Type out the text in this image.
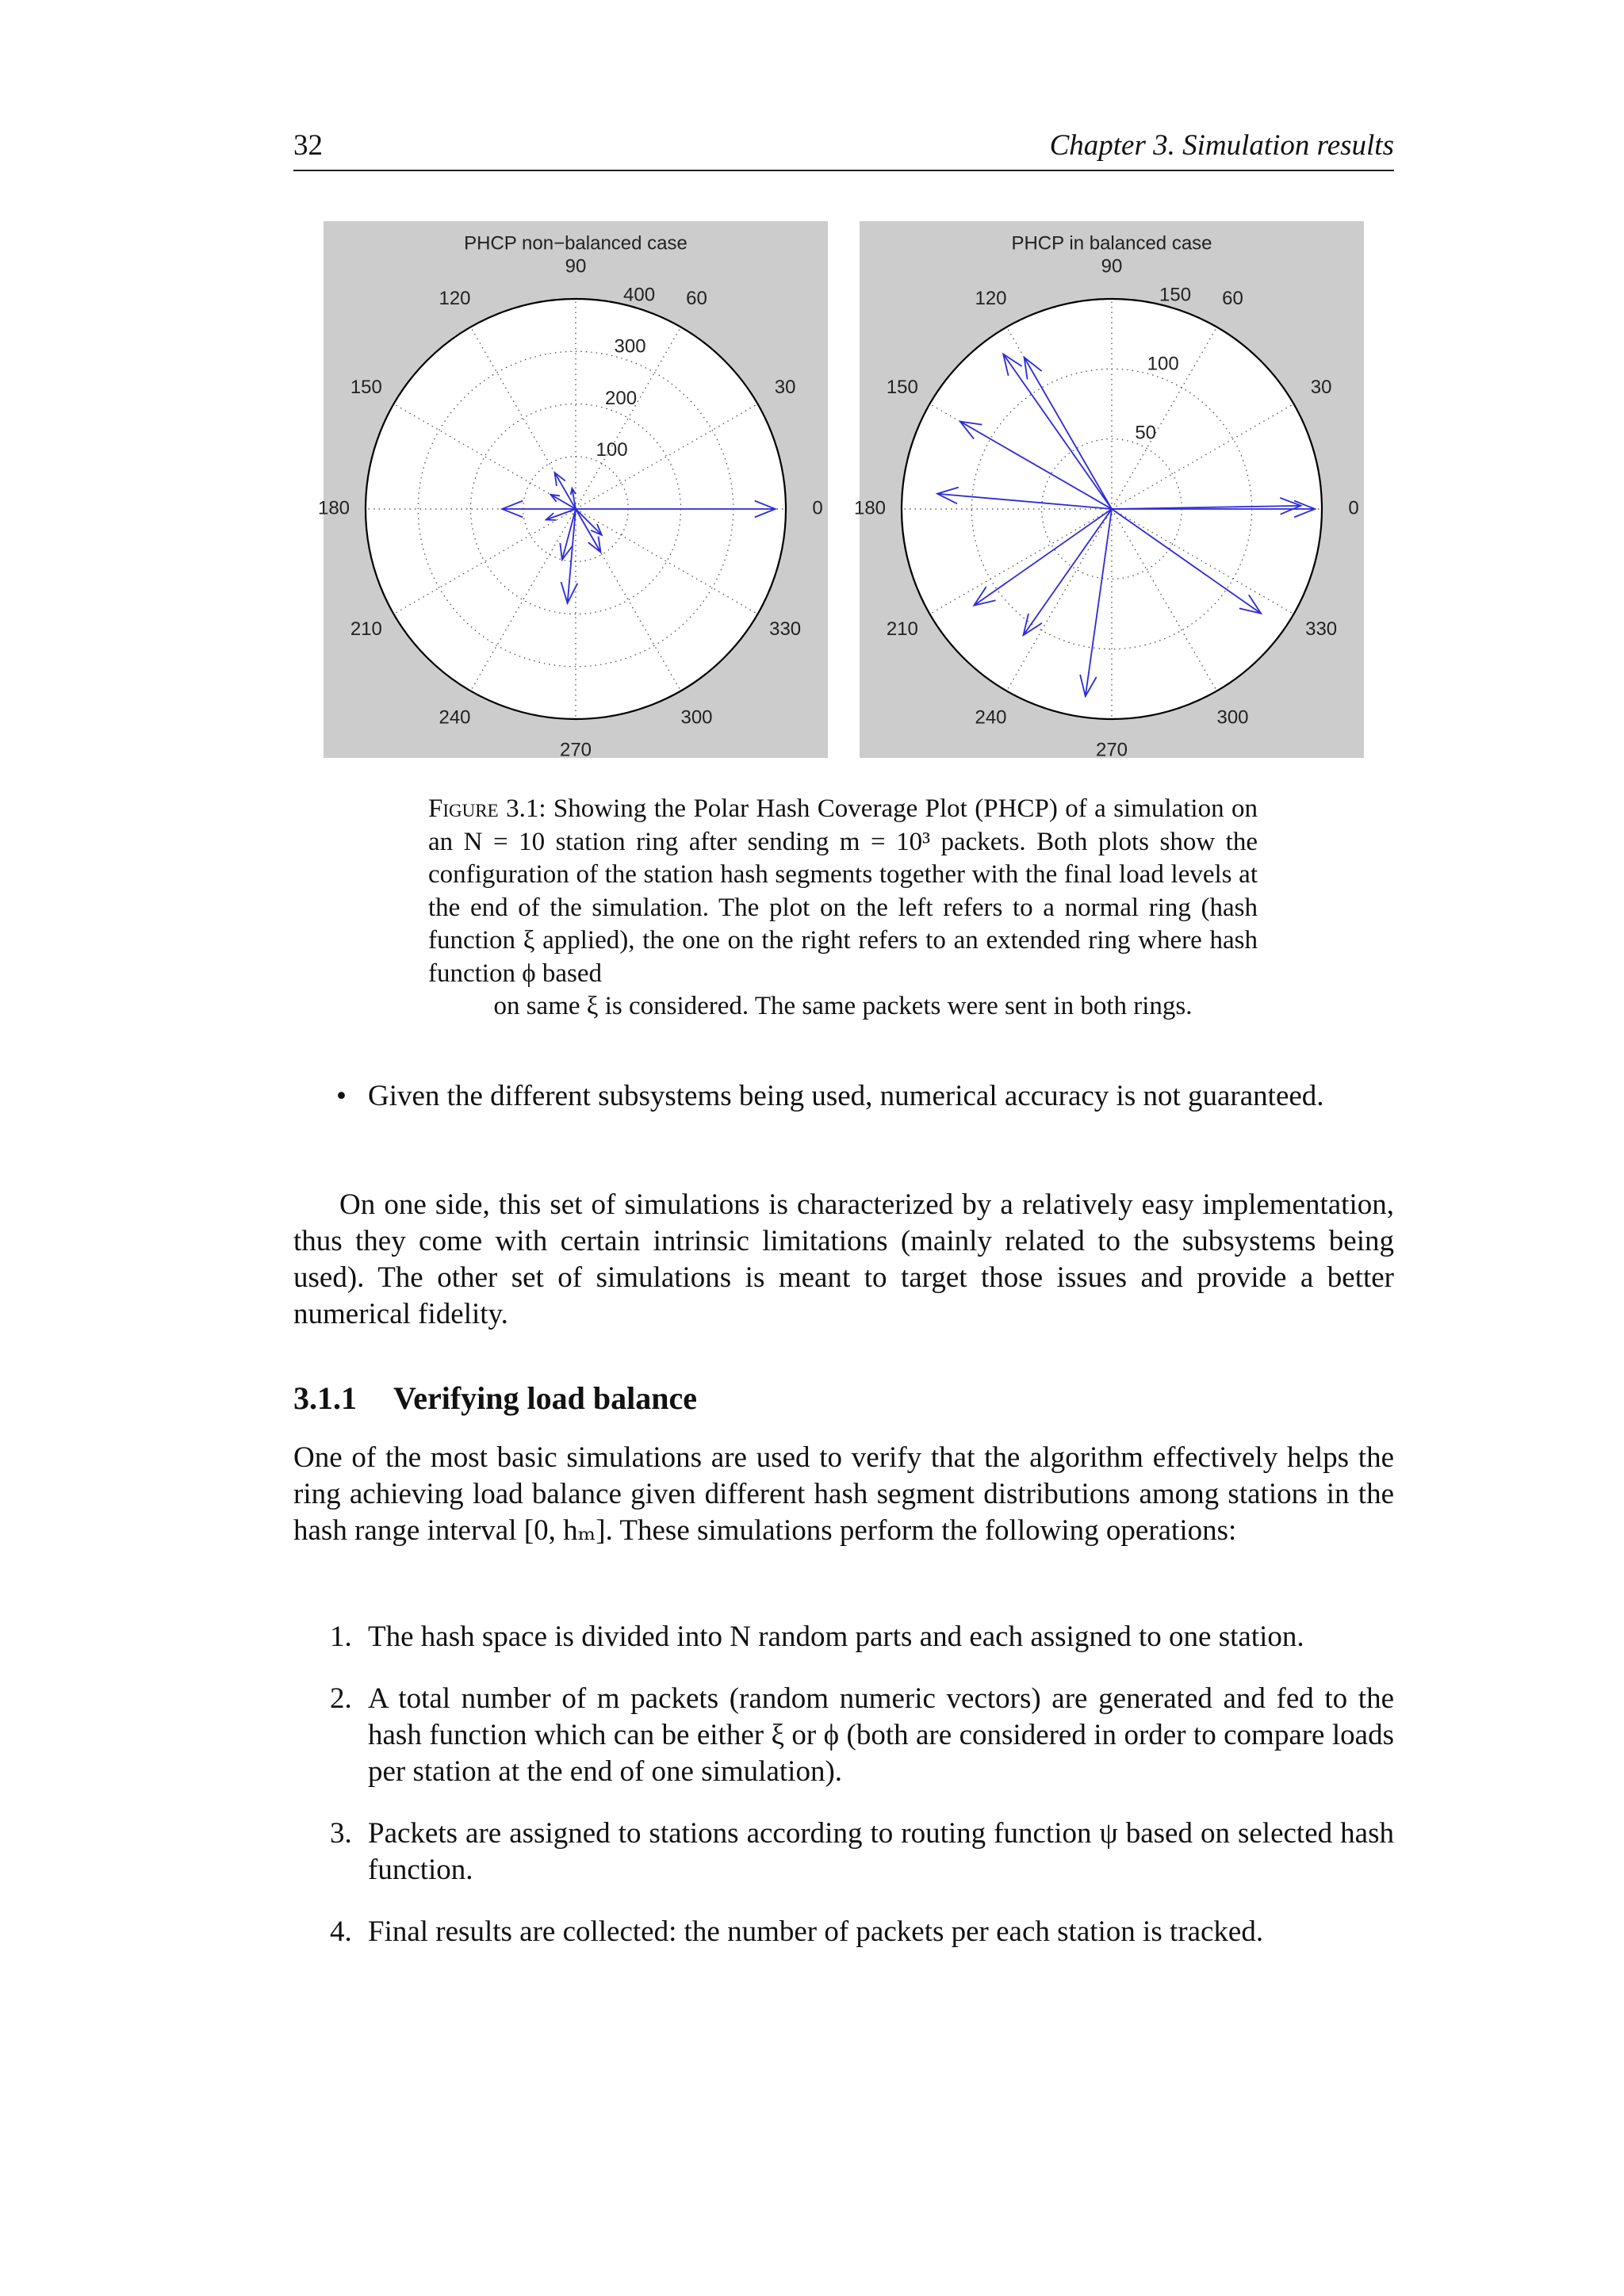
32	Chapter 3. Simulation results
PHCP non−balanced case
0
30
60
90
120
150
180
210
240
270
300
330
100
200
300
400
PHCP in balanced case
0
30
60
90
120
150
180
210
240
270
300
330
50
100
150
Figure 3.1: Showing the Polar Hash Coverage Plot (PHCP) of a simulation on an N = 10 station ring after sending m = 10³ packets. Both plots show the configuration of the station hash segments together with the final load levels at the end of the simulation. The plot on the left refers to a normal ring (hash function ξ applied), the one on the right refers to an extended ring where hash function ϕ based
on same ξ is considered. The same packets were sent in both rings.
• Given the different subsystems being used, numerical accuracy is not guaranteed.
On one side, this set of simulations is characterized by a relatively easy implementation, thus they come with certain intrinsic limitations (mainly related to the subsystems being used). The other set of simulations is meant to target those issues and provide a better numerical fidelity.
3.1.1 Verifying load balance
One of the most basic simulations are used to verify that the algorithm effectively helps the ring achieving load balance given different hash segment distributions among stations in the hash range interval [0, hₘ]. These simulations perform the following operations:
1. The hash space is divided into N random parts and each assigned to one station.
2. A total number of m packets (random numeric vectors) are generated and fed to the hash function which can be either ξ or ϕ (both are considered in order to compare loads per station at the end of one simulation).
3. Packets are assigned to stations according to routing function ψ based on selected hash function.
4. Final results are collected: the number of packets per each station is tracked.
